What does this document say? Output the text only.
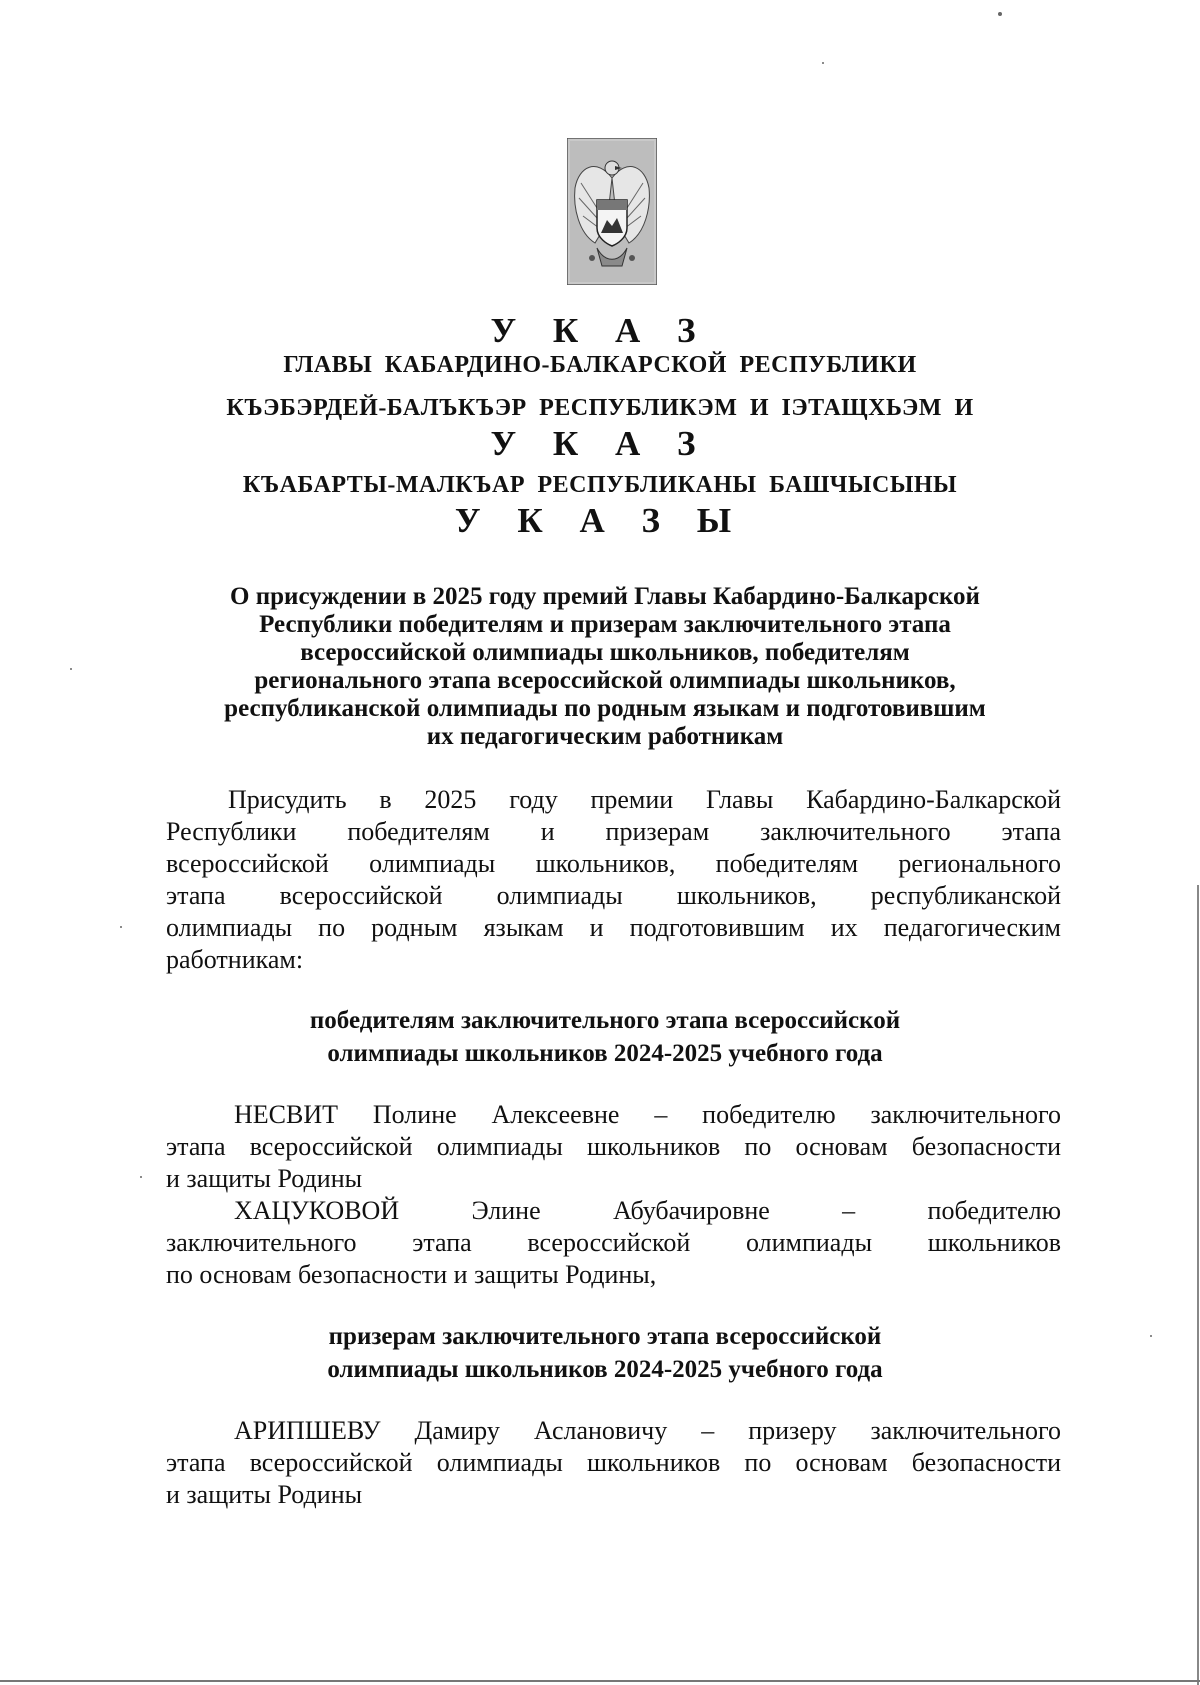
У К А З
ГЛАВЫ КАБАРДИНО-БАЛКАРСКОЙ РЕСПУБЛИКИ
КЪЭБЭРДЕЙ-БАЛЪКЪЭР РЕСПУБЛИКЭМ И IЭТАЩХЬЭМ И
У К А З
КЪАБАРТЫ-МАЛКЪАР РЕСПУБЛИКАНЫ БАШЧЫСЫНЫ
У К А З Ы
О присуждении в 2025 году премий Главы Кабардино-Балкарской
Республики победителям и призерам заключительного этапа
всероссийской олимпиады школьников, победителям
регионального этапа всероссийской олимпиады школьников,
республиканской олимпиады по родным языкам и подготовившим
их педагогическим работникам
Присудить в 2025 году премии Главы Кабардино-Балкарской
Республики победителям и призерам заключительного этапа
всероссийской олимпиады школьников, победителям регионального
этапа всероссийской олимпиады школьников, республиканской
олимпиады по родным языкам и подготовившим их педагогическим
работникам:
победителям заключительного этапа всероссийской
олимпиады школьников 2024-2025 учебного года
НЕСВИТ Полине Алексеевне – победителю заключительного
этапа всероссийской олимпиады школьников по основам безопасности
и защиты Родины
ХАЦУКОВОЙ Элине Абубачировне – победителю
заключительного этапа всероссийской олимпиады школьников
по основам безопасности и защиты Родины,
призерам заключительного этапа всероссийской
олимпиады школьников 2024-2025 учебного года
АРИПШЕВУ Дамиру Аслановичу – призеру заключительного
этапа всероссийской олимпиады школьников по основам безопасности
и защиты Родины
